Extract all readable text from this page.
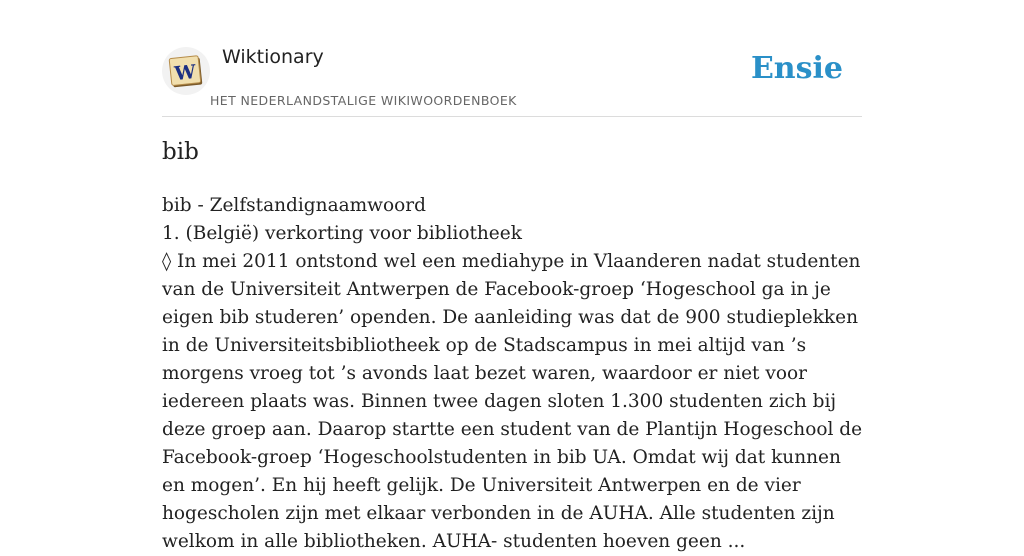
W
Wiktionary
HET NEDERLANDSTALIGE WIKIWOORDENBOEK
Ensie
bib

bib - Zelfstandignaamwoord

1. (België) verkorting voor bibliotheek

◊ In mei 2011 ontstond wel een mediahype in Vlaanderen nadat studenten van de Universiteit Antwerpen de Facebook-groep ‘Hogeschool ga in je eigen bib studeren’ openden. De aanleiding was dat de 900 studieplekken in de Universiteitsbibliotheek op de Stadscampus in mei altijd van ’s morgens vroeg tot ’s avonds laat bezet waren, waardoor er niet voor iedereen plaats was. Binnen twee dagen sloten 1.300 studenten zich bij deze groep aan. Daarop startte een student van de Plantijn Hogeschool de Facebook-groep ‘Hogeschoolstudenten in bib UA. Omdat wij dat kunnen en mogen’. En hij heeft gelijk. De Universiteit Antwerpen en de vier hogescholen zijn met elkaar verbonden in de AUHA. Alle studenten zijn welkom in alle bibliotheken. AUHA- studenten hoeven geen ...
